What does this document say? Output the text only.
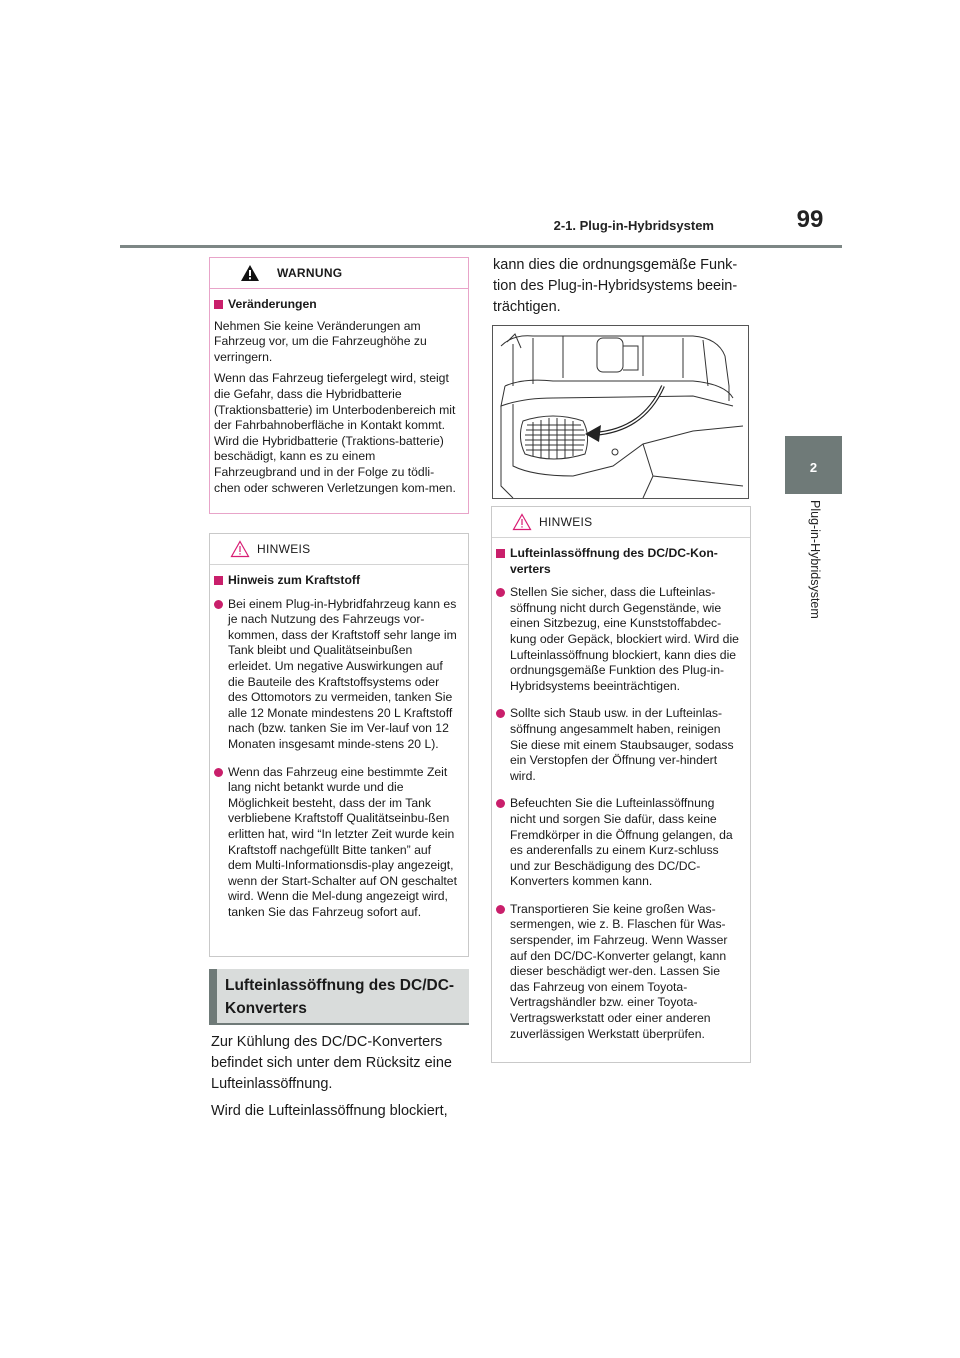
2-1. Plug-in-Hybridsystem	99
2
Plug-in-Hybridsystem
WARNUNG
Veränderungen

Nehmen Sie keine Veränderungen am Fahrzeug vor, um die Fahrzeughöhe zu verringern.

Wenn das Fahrzeug tiefergelegt wird, steigt die Gefahr, dass die Hybridbatterie (Traktionsbatterie) im Unterbodenbereich mit der Fahrbahnoberfläche in Kontakt kommt. Wird die Hybridbatterie (Traktions-batterie) beschädigt, kann es zu einem Fahrzeugbrand und in der Folge zu tödli-chen oder schweren Verletzungen kom-men.

HINWEIS
Hinweis zum Kraftstoff
Bei einem Plug-in-Hybridfahrzeug kann es je nach Nutzung des Fahrzeugs vor-kommen, dass der Kraftstoff sehr lange im Tank bleibt und Qualitätseinbußen erleidet. Um negative Auswirkungen auf die Bauteile des Kraftstoffsystems oder des Ottomotors zu vermeiden, tanken Sie alle 12 Monate mindestens 20 L Kraftstoff nach (bzw. tanken Sie im Ver-lauf von 12 Monaten insgesamt minde-stens 20 L).
Wenn das Fahrzeug eine bestimmte Zeit lang nicht betankt wurde und die Möglichkeit besteht, dass der im Tank verbliebene Kraftstoff Qualitätseinbu-ßen erlitten hat, wird “In letzter Zeit wurde kein Kraftstoff nachgefüllt Bitte tanken” auf dem Multi-Informationsdis-play angezeigt, wenn der Start-Schalter auf ON geschaltet wird. Wenn die Mel-dung angezeigt wird, tanken Sie das Fahrzeug sofort auf.
Lufteinlassöffnung des DC/DC-Konverters

Zur Kühlung des DC/DC-Konverters befindet sich unter dem Rücksitz eine Lufteinlassöffnung.

Wird die Lufteinlassöffnung blockiert,

kann dies die ordnungsgemäße Funk-tion des Plug-in-Hybridsystems beein-trächtigen.

HINWEIS
Lufteinlassöffnung des DC/DC-Kon-verters
Stellen Sie sicher, dass die Lufteinlas-söffnung nicht durch Gegenstände, wie einen Sitzbezug, eine Kunststoffabdec-kung oder Gepäck, blockiert wird. Wird die Lufteinlassöffnung blockiert, kann dies die ordnungsgemäße Funktion des Plug-in-Hybridsystems beeinträchtigen.
Sollte sich Staub usw. in der Lufteinlas-söffnung angesammelt haben, reinigen Sie diese mit einem Staubsauger, sodass ein Verstopfen der Öffnung ver-hindert wird.
Befeuchten Sie die Lufteinlassöffnung nicht und sorgen Sie dafür, dass keine Fremdkörper in die Öffnung gelangen, da es anderenfalls zu einem Kurz-schluss und zur Beschädigung des DC/DC-Konverters kommen kann.
Transportieren Sie keine großen Was-sermengen, wie z. B. Flaschen für Was-serspender, im Fahrzeug. Wenn Wasser auf den DC/DC-Konverter gelangt, kann dieser beschädigt wer-den. Lassen Sie das Fahrzeug von einem Toyota-Vertragshändler bzw. einer Toyota-Vertragswerkstatt oder einer anderen zuverlässigen Werkstatt überprüfen.
